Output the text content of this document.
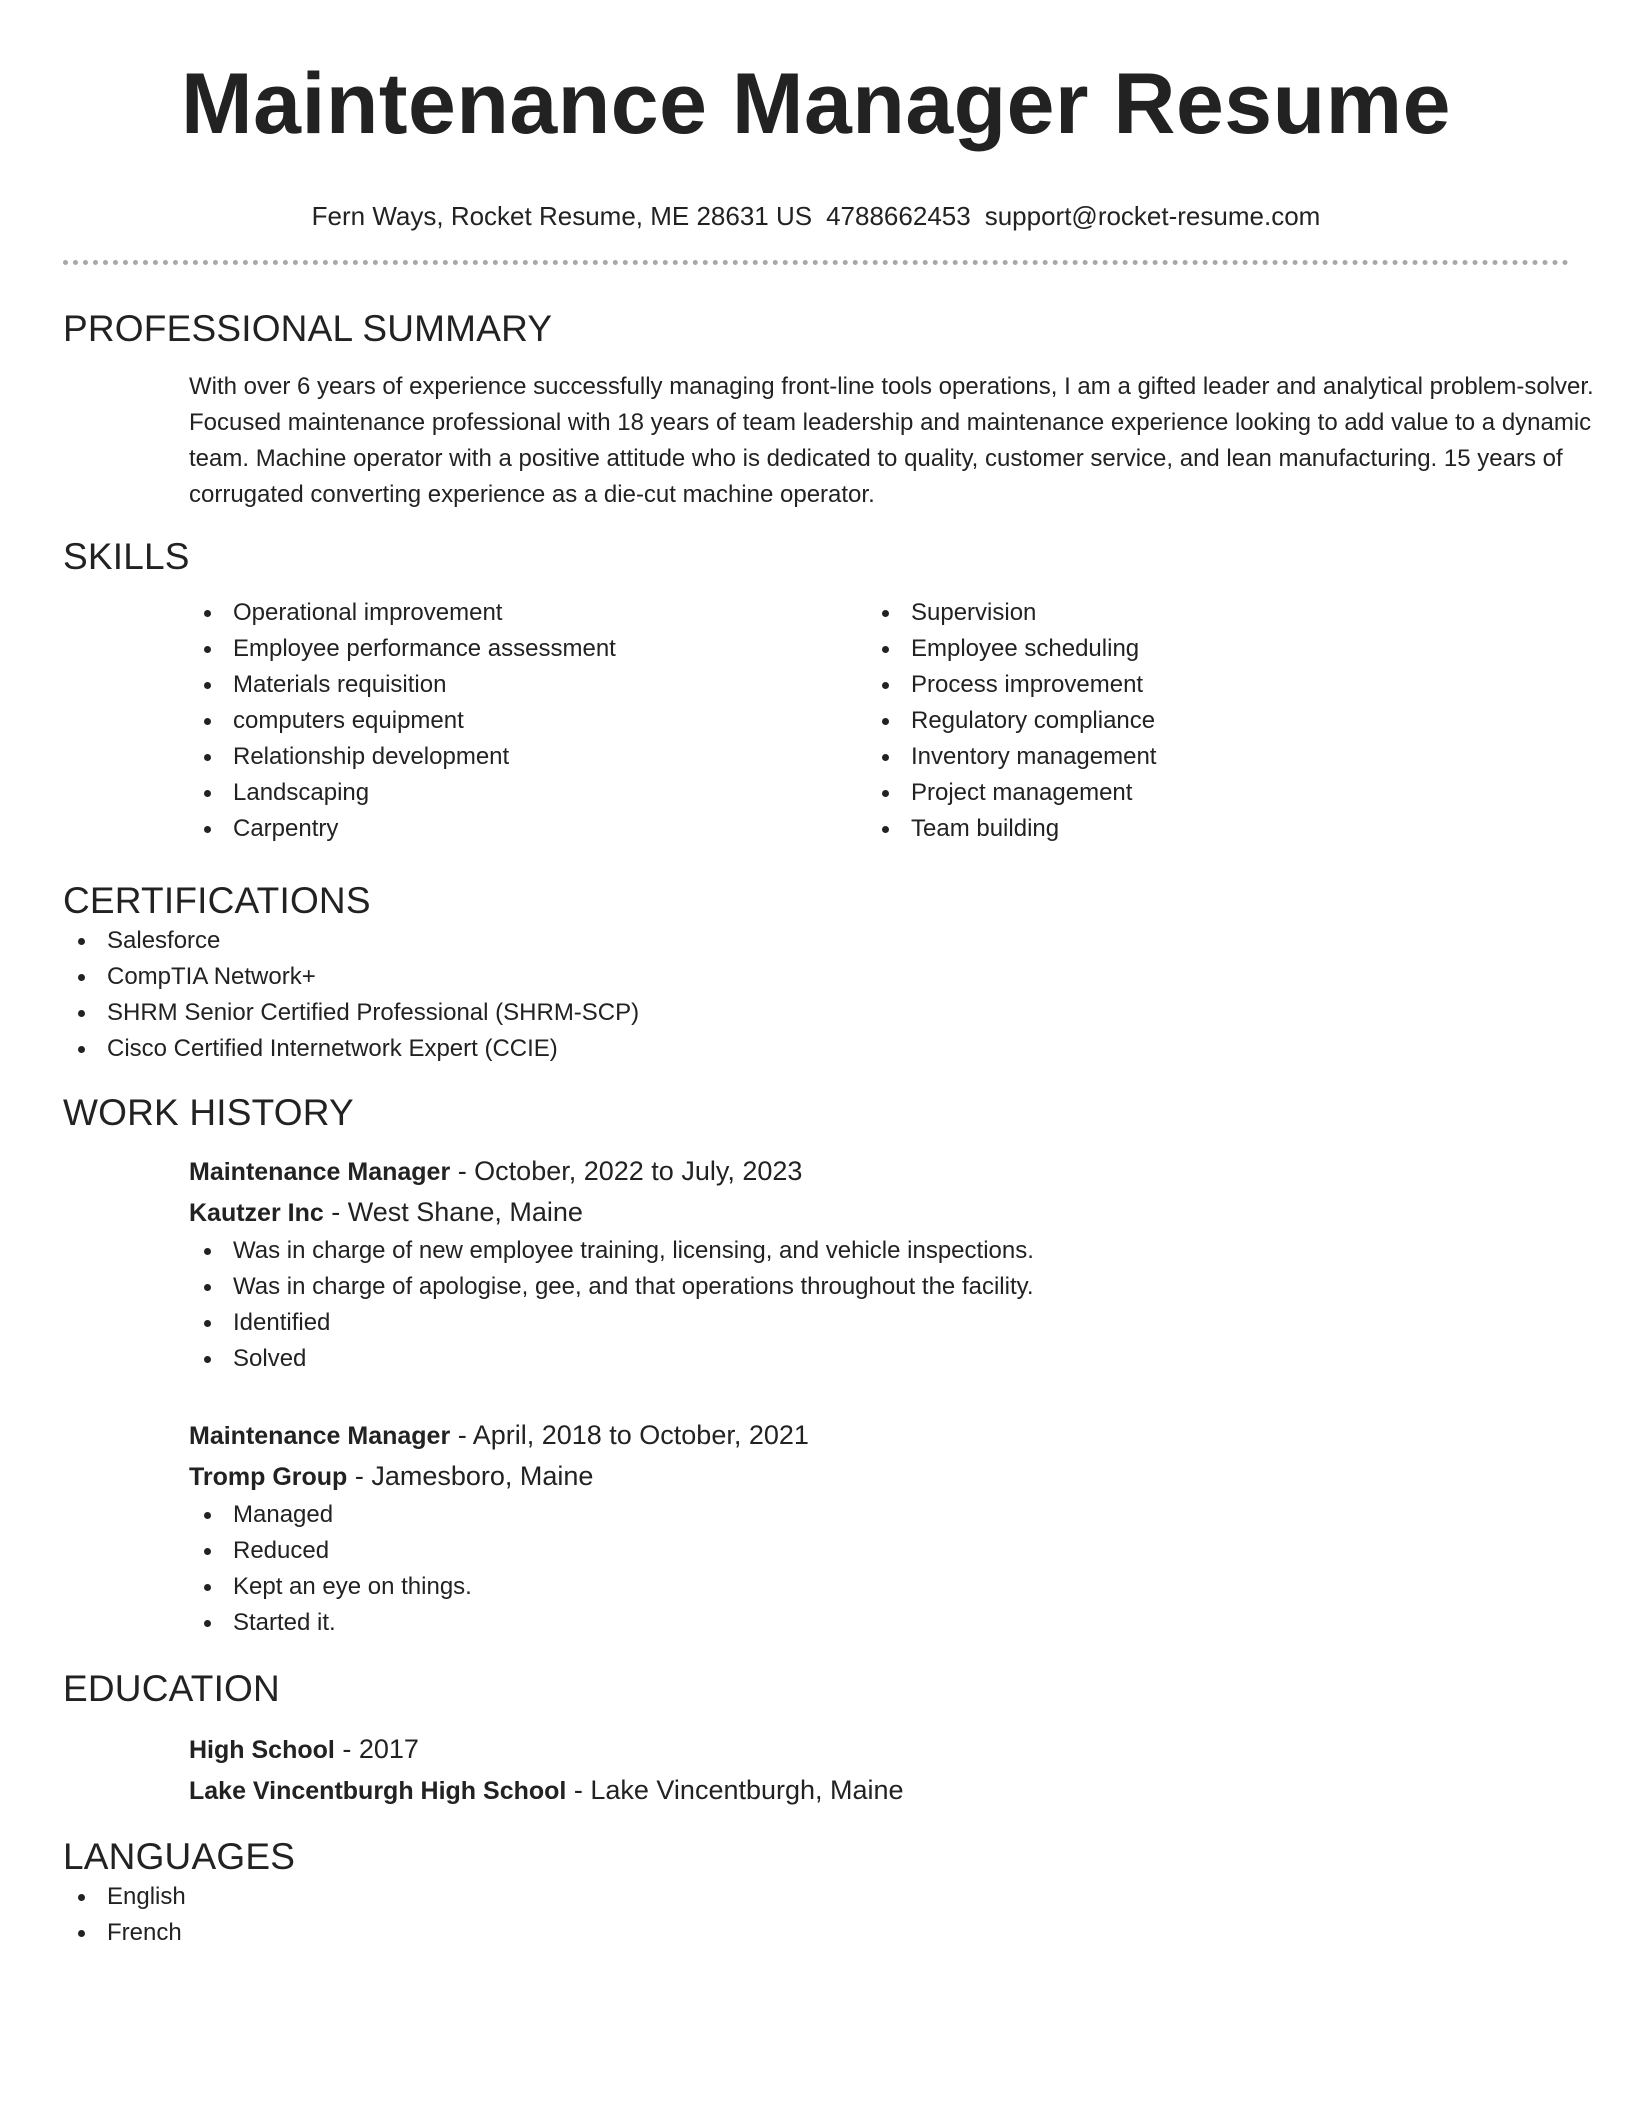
Maintenance Manager Resume
Fern Ways, Rocket Resume, ME 28631 US 4788662453 support@rocket-resume.com
PROFESSIONAL SUMMARY

With over 6 years of experience successfully managing front-line tools operations, I am a gifted leader and analytical problem-solver. Focused maintenance professional with 18 years of team leadership and maintenance experience looking to add value to a dynamic team. Machine operator with a positive attitude who is dedicated to quality, customer service, and lean manufacturing. 15 years of corrugated converting experience as a die-cut machine operator.

SKILLS
Operational improvement
Employee performance assessment
Materials requisition
computers equipment
Relationship development
Landscaping
Carpentry
Supervision
Employee scheduling
Process improvement
Regulatory compliance
Inventory management
Project management
Team building
CERTIFICATIONS
Salesforce
CompTIA Network+
SHRM Senior Certified Professional (SHRM-SCP)
Cisco Certified Internetwork Expert (CCIE)
WORK HISTORY
Maintenance Manager - October, 2022 to July, 2023
Kautzer Inc - West Shane, Maine
Was in charge of new employee training, licensing, and vehicle inspections.
Was in charge of apologise, gee, and that operations throughout the facility.
Identified
Solved
Maintenance Manager - April, 2018 to October, 2021
Tromp Group - Jamesboro, Maine
Managed
Reduced
Kept an eye on things.
Started it.
EDUCATION
High School - 2017
Lake Vincentburgh High School - Lake Vincentburgh, Maine
LANGUAGES
English
French
